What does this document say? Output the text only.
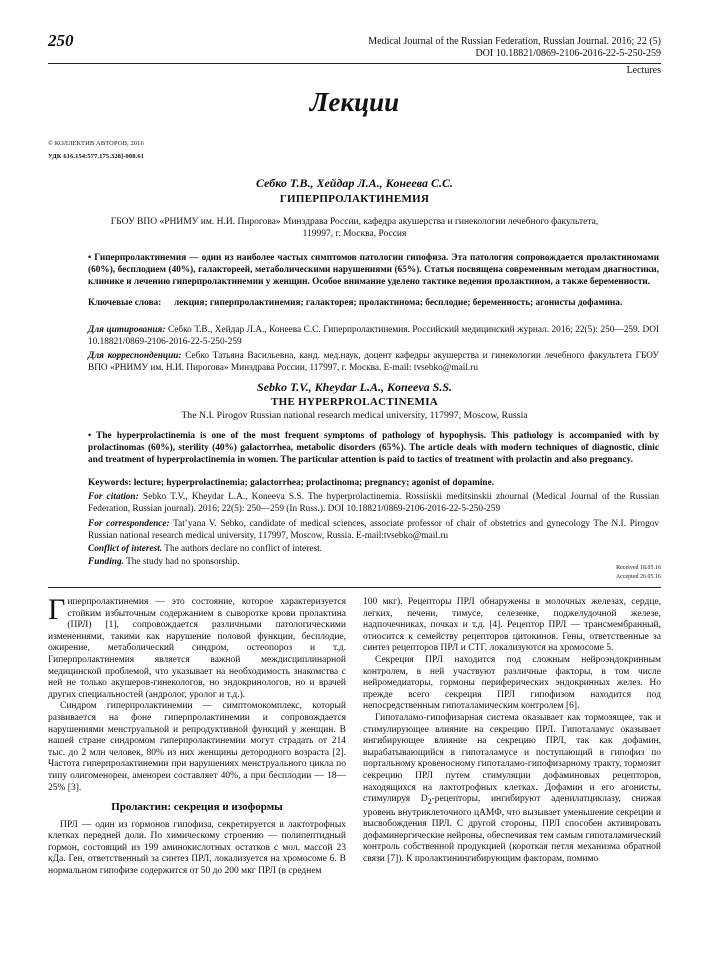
250	Medical Journal of the Russian Federation, Russian Journal. 2016; 22 (5)
DOI 10.18821/0869-2106-2016-22-5-250-259
Lectures
Лекции
© КОЛЛЕКТИВ АВТОРОВ, 2016
УДК 616.154:577.175.328]-008.61
Себко Т.В., Хейдар Л.А., Конеева С.С.
ГИПЕРПРОЛАКТИНЕМИЯ
ГБОУ ВПО «РНИМУ им. Н.И. Пирогова» Минздрава России, кафедра акушерства и гинекологии лечебного факультета, 119997, г. Москва, Россия
• Гиперпролактинемия — один из наиболее частых симптомов патологии гипофиза. Эта патология сопровождается пролактиномами (60%), бесплодием (40%), галактореей, метаболическими нарушениями (65%). Статья посвящена современным методам диагностики, клинике и лечению гиперпролактинемии у женщин. Особое внимание уделено тактике ведения пролактином, а также беременности.
Ключевые слова:	лекция; гиперпролактинемия; галакторея; пролактинома; бесплодие; беременность; агонисты дофамина.
Для цитирования: Себко Т.В., Хейдар Л.А., Конеева С.С. Гиперпролактинемия. Российский медицинский журнал. 2016; 22(5): 250—259. DOI 10.18821/0869-2106-2016-22-5-250-259
Для корреспонденции: Себко Татьяна Васильевна, канд. мед.наук, доцент кафедры акушерства и гинекологии лечебного факультета ГБОУ ВПО «РНИМУ им. Н.И. Пирогова» Минздрава России, 117997, г. Москва. E-mail: tvsebko@mail.ru
Sebko T.V., Kheydar L.A., Koneeva S.S.
THE HYPERPROLACTINEMIA
The N.I. Pirogov Russian national research medical university, 117997, Moscow, Russia
• The hyperprolactinemia is one of the most frequent symptoms of pathology of hypophysis. This pathology is accompanied with by prolactinomas (60%), sterility (40%) galactorrhea, metabolic disorders (65%). The article deals with modern techniques of diagnostic, clinic and treatment of hyperprolactinemia in women. The particular attention is paid to tactics of treatment with prolactin and also pregnancy.
Keywords: lecture; hyperprolactinemia; galactorrhea; prolactinoma; pregnancy; agonist of dopamine.
For citation: Sebko T.V., Kheydar L.A., Koneeva S.S. The hyperprolactinemia. Rossiiskii meditsinskii zhournal (Medical Journal of the Russian Federation, Russian journal). 2016; 22(5): 250—259 (In Russ.). DOI 10.18821/0869-2106-2016-22-5-250-259
For correspondence: Tat’yana V. Sebko, candidate of medical sciences, associate professor of chair of obstetrics and gynecology The N.I. Pirogov Russian national research medical university, 117997, Moscow, Russia. E-mail:tvsebko@mail.ru
Conflict of interest. The authors declare no conflict of interest.
Funding. The study had no sponsorship.
Received 18.05.16
Accepted 26.05.16

Гиперпролактинемия — это состояние, которое характеризуется стойким избыточным содержанием в сыворотке крови пролактина (ПРЛ) [1], сопровождается различными патологическими изменениями, такими как нарушение половой функции, бесплодие, ожирение, метаболический синдром, остеопороз и т.д. Гиперпролактинемия является важной междисциплинарной медицинской проблемой, что указывает на необходимость знакомства с ней не только акушеров-гинекологов, но эндокринологов, но и врачей других специальностей (андролог, уролог и т.д.).

Синдром гиперпролактинемии — симптомокомплекс, который развивается на фоне гиперпролактинемии и сопровождается нарушениями менструальной и репродуктивной функций у женщин. В нашей стране синдромом гиперпролактинемии могут страдать от 214 тыс. до 2 млн человек, 80% из них женщины детородного возраста [2]. Частота гиперпролактинемии при нарушениях менструального цикла по типу олигоменореи, аменореи составляет 40%, а при бесплодии — 18—25% [3].

Пролактин: секреция и изоформы

ПРЛ — один из гормонов гипофиза, секретируется в лактотрофных клетках передней доли. По химическому строению — полипептидный гормон, состоящий из 199 аминокислотных остатков с мол. массой 23 кДа. Ген, ответственный за синтез ПРЛ, локализуется на хромосоме 6. В нормальном гипофизе содержится от 50 до 200 мкг ПРЛ (в среднем

100 мкг). Рецепторы ПРЛ обнаружены в молочных железах, сердце, легких, печени, тимусе, селезенке, поджелудочной железе, надпочечниках, почках и т.д. [4]. Рецептор ПРЛ — трансмембранный, относится к семейству рецепторов цитокинов. Гены, ответственные за синтез рецепторов ПРЛ и СТГ, локализуются на хромосоме 5.

Секреция ПРЛ находится под сложным нейроэндокринным контролем, в ней участвуют различные факторы, в том числе нейромедиаторы, гормоны периферических эндокринных желез. Но прежде всего секреция ПРЛ гипофизом находится под непосредственным гипоталамическим контролем [6].

Гипоталамо-гипофизарная система оказывает как тормозящее, так и стимулирующее влияние на секрецию ПРЛ. Гипоталамус оказывает ингибирующее влияние на секрецию ПРЛ, так как дофамин, вырабатывающийся в гипоталамусе и поступающий в гипофиз по портальному кровеносному гипоталамо-гипофизарному тракту, тормозит секрецию ПРЛ путем стимуляции дофаминовых рецепторов, находящихся на лактотрофных клетках. Дофамин и его агонисты, стимулируя $D_2$-рецепторы, ингибируют аденилатциклазу, снижая уровень внутриклеточного цАМФ, что вызывает уменьшение секреции и высвобождения ПРЛ. С другой стороны, ПРЛ способен активировать дофаминергические нейроны, обеспечивая тем самым гипоталамический контроль собственной продукцией (короткая петля механизма обратной связи [7]). К пролактинингибирующим факторам, помимо
